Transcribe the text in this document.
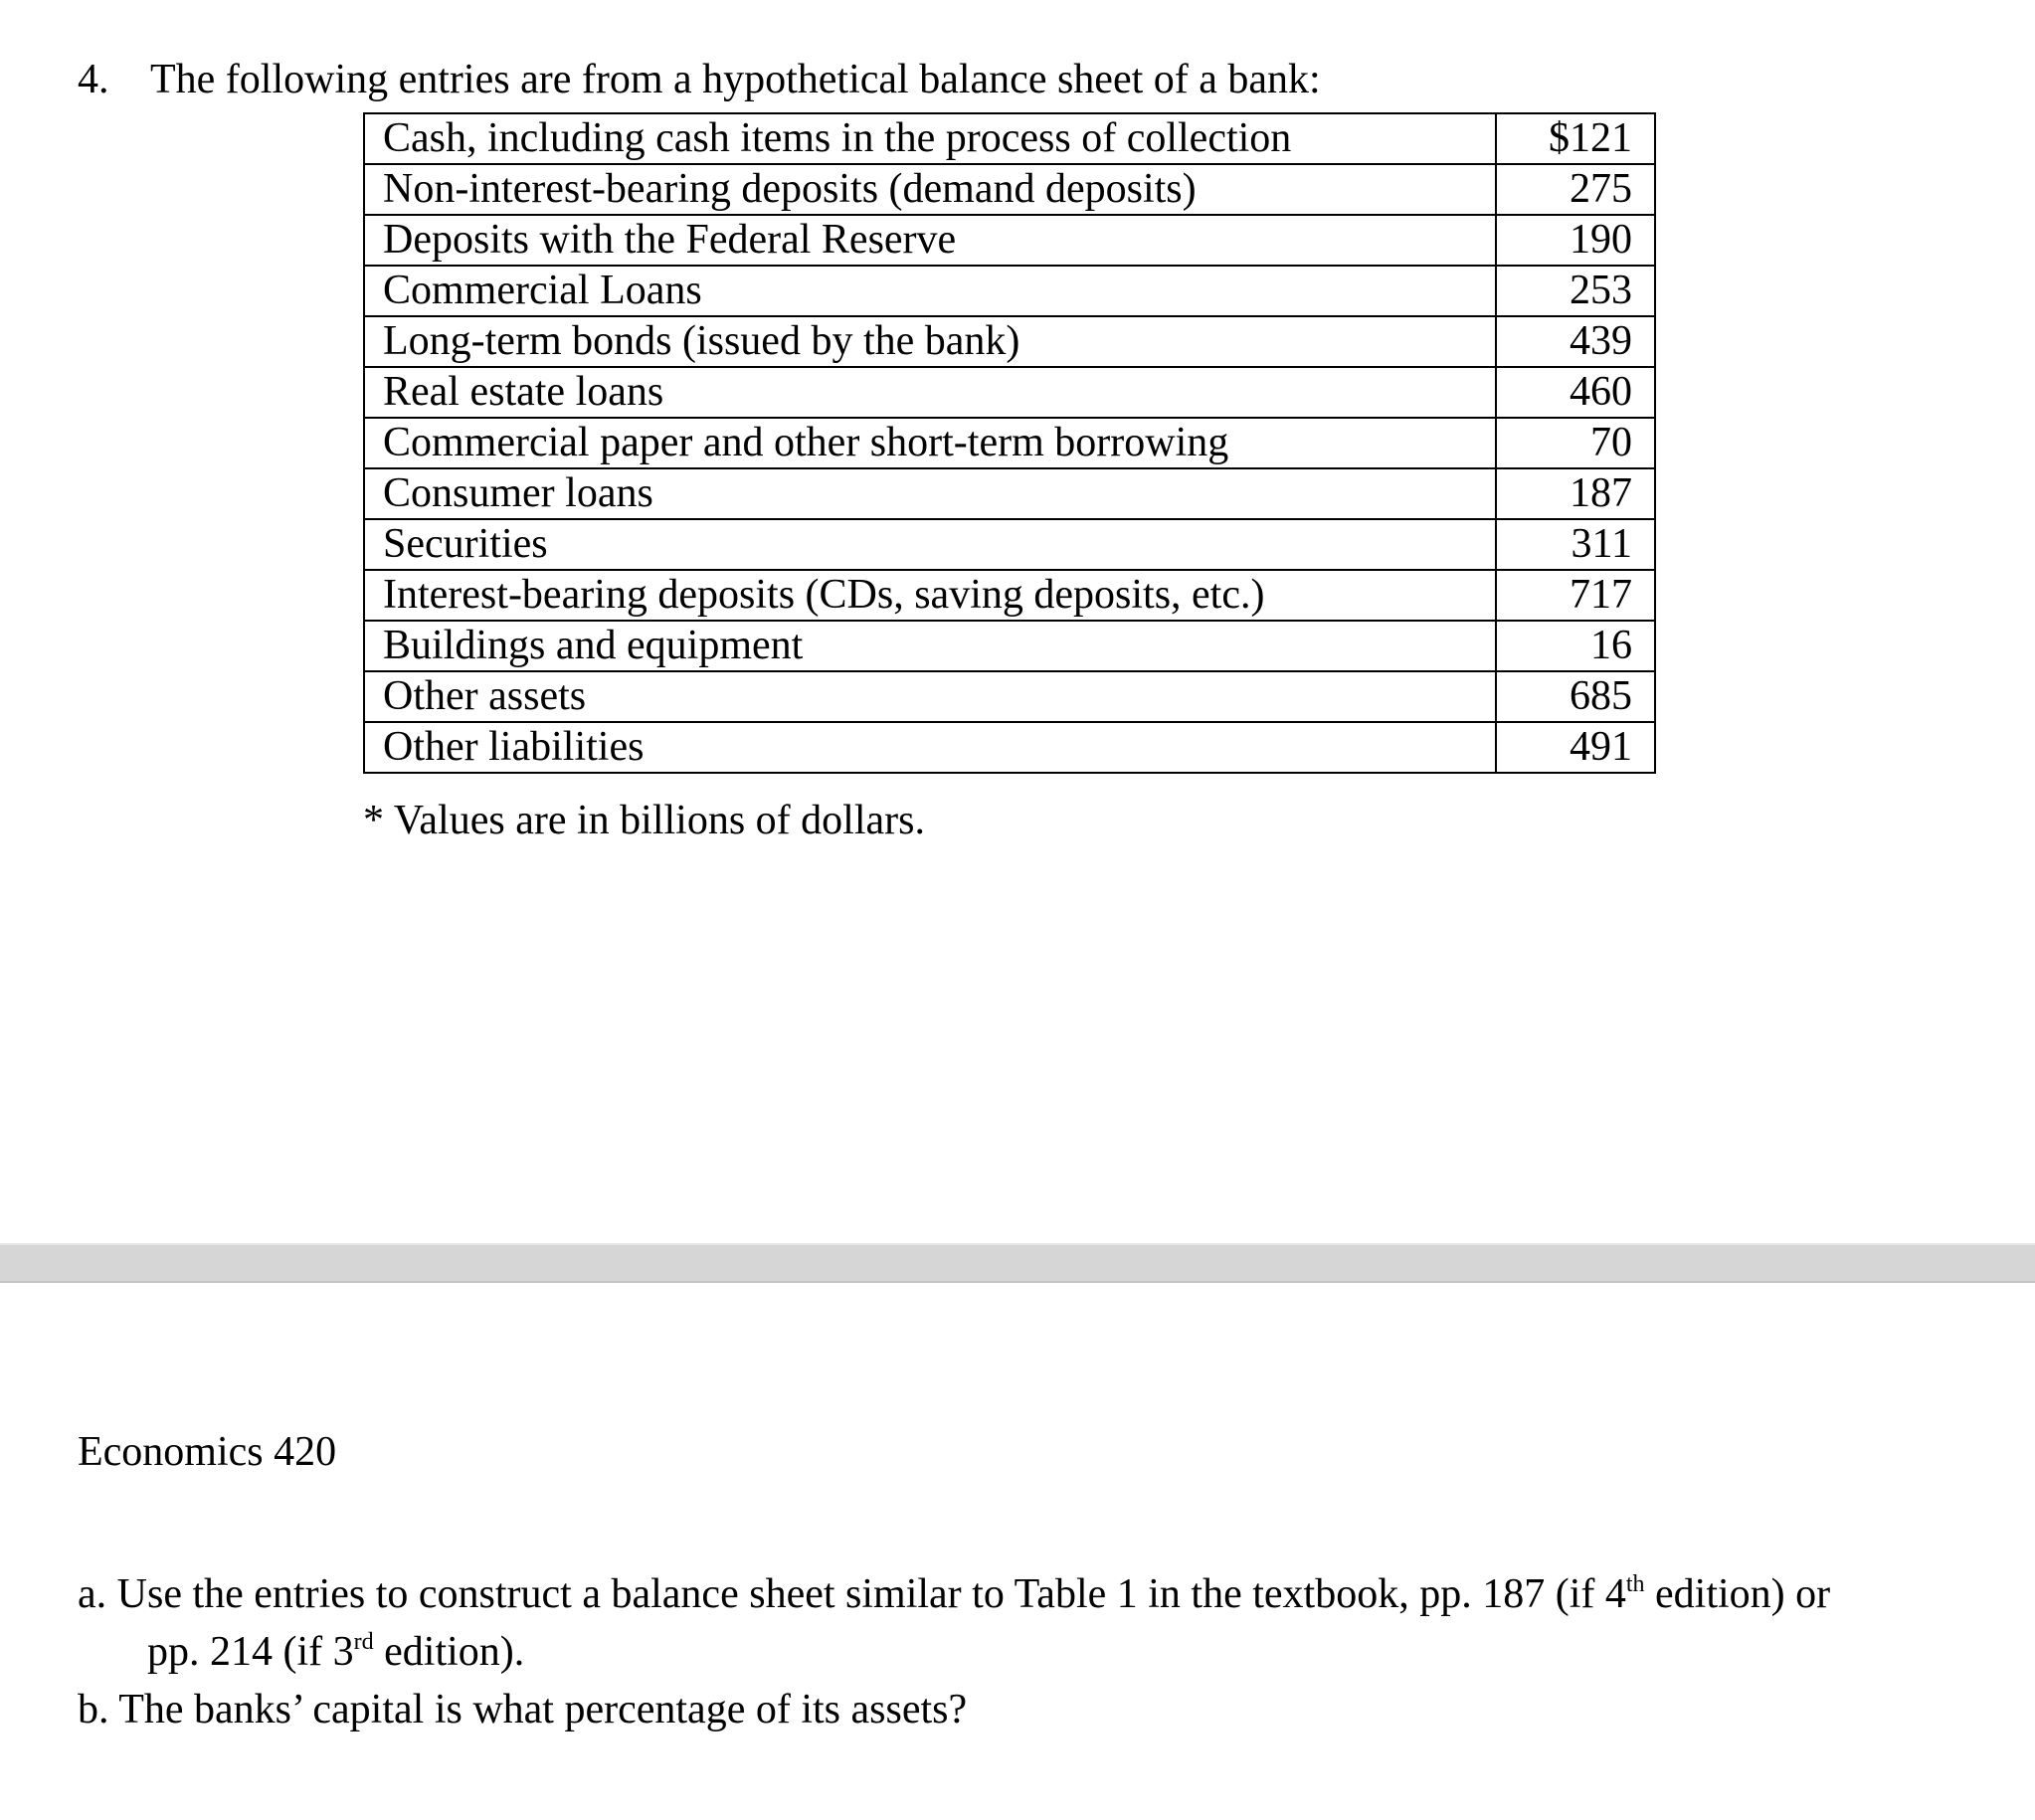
4. The following entries are from a hypothetical balance sheet of a bank:
Cash, including cash items in the process of collection	$121
Non-interest-bearing deposits (demand deposits)	275
Deposits with the Federal Reserve	190
Commercial Loans	253
Long-term bonds (issued by the bank)	439
Real estate loans	460
Commercial paper and other short-term borrowing	70
Consumer loans	187
Securities	311
Interest-bearing deposits (CDs, saving deposits, etc.)	717
Buildings and equipment	16
Other assets	685
Other liabilities	491
* Values are in billions of dollars.
Economics 420
a. Use the entries to construct a balance sheet similar to Table 1 in the textbook, pp. 187 (if 4th edition) or
pp. 214 (if 3rd edition).
b. The banks’ capital is what percentage of its assets?
